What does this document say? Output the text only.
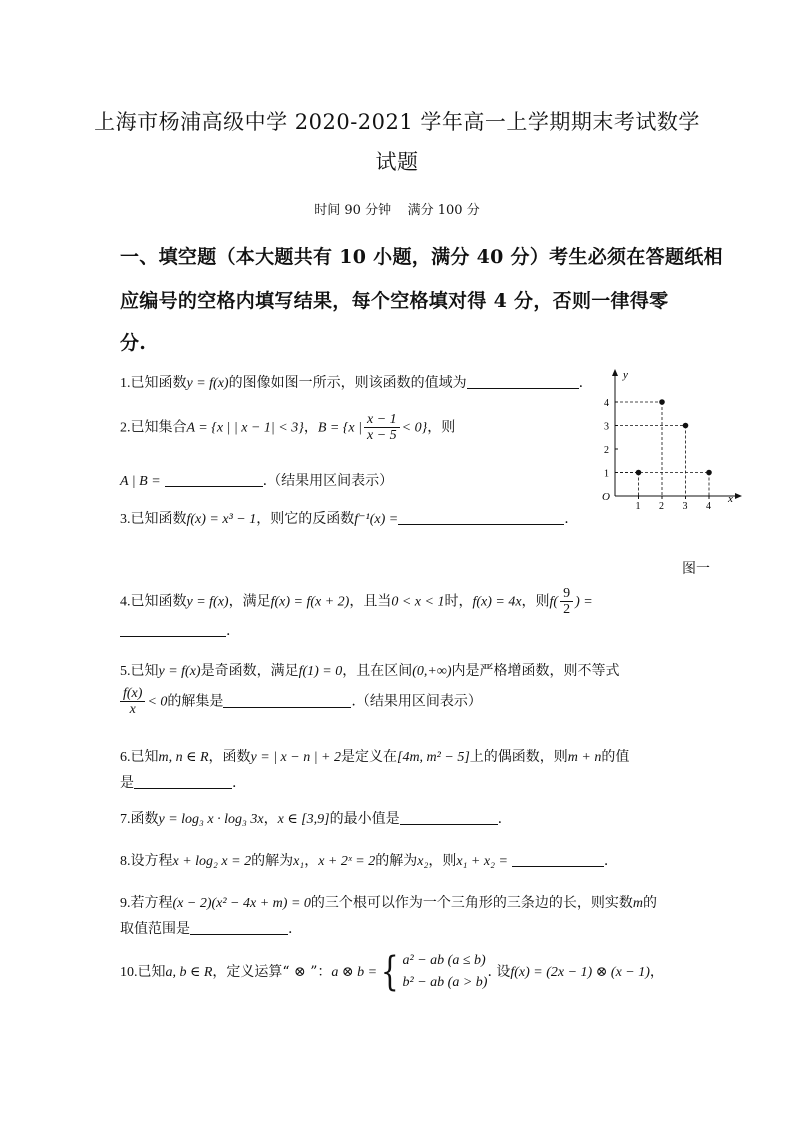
上海市杨浦高级中学 2020-2021 学年高一上学期期末考试数学
试题
时间 90 分钟 满分 100 分
一、填空题（本大题共有 10 小题，满分 40 分）考生必须在答题纸相
应编号的空格内填写结果，每个空格填对得 4 分，否则一律得零
分.
y
x
O
1 2 3 4
1
2
3
4
图一
1.已知函数y = f(x)的图像如图一所示，则该函数的值域为	.
2.已知集合A = {x | | x − 1| < 3}，B = {x | $\frac{x - 1}{x - 5} < 0$}，则
A | B =	.（结果用区间表示）
3.已知函数f(x) = x³ − 1，则它的反函数f⁻¹(x) =	.
4.已知函数y = f(x)，满足f(x) = f(x + 2)，且当0 < x < 1时，f(x) = 4x，则$f( \frac{9}{2}$ ) =
.
5.已知y = f(x)是奇函数，满足f(1) = 0，且在区间(0,+∞)内是严格增函数，则不等式
$\frac{f(x)}{x} < 0$的解集是	.（结果用区间表示）
6.已知m, n ∈ R，函数y = | x − n | + 2是定义在[4m, m² − 5]上的偶函数，则m + n的值
是	.
7.函数y = log₃ x · log₃ 3x，x ∈ [3,9]的最小值是	.
8.设方程x + log₂ x = 2的解为x₁，x + 2ˣ = 2的解为x₂，则x₁ + x₂ =	.
9.若方程(x − 2)(x² − 4x + m) = 0的三个根可以作为一个三角形的三条边的长，则实数m的
取值范围是	.
10.已知a, b ∈ R，定义运算“ ⊗ ”：a ⊗ b ={ a² − ab (a ≤ b)
b² − ab (a > b)
. 设f(x) = (2x − 1) ⊗ (x − 1)，
